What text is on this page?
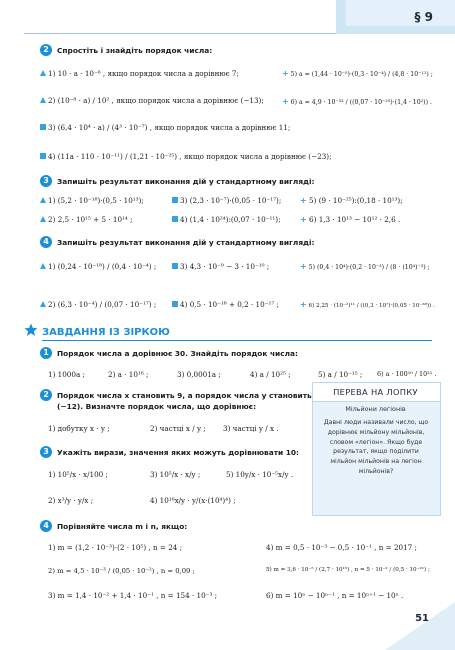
§ 9
2	Спростіть і знайдіть порядок числа:
1) 10 · a · 10⁻⁶ , якщо порядок числа a дорівнює 7;
2) (10⁻⁸ · a) / 10² , якщо порядок числа a дорівнює (−13);
3) (6,4 · 10⁴ · a) / (4³ · 10⁻⁷) , якщо порядок числа a дорівнює 11;
4) (11a · 110 · 10⁻¹¹) / (1,21 · 10⁻²⁵) , якщо порядок числа a дорівнює (−23);
+ 5) a = (1,44 · 10⁻⁵)·(0,3 · 10⁻⁴) / (4,8 · 10⁻¹¹) ;
+ 6) a = 4,9 · 10⁻³³ / ((0,07 · 10⁻²⁵)·(1,4 · 10²)) .
3	Запишіть результат виконання дій у стандартному вигляді:
1) (5,2 · 10⁻¹⁸)·(0,5 · 10¹³);
2) 2,5 · 10¹⁵ + 5 · 10¹⁴ ;
3) (2,3 · 10⁻⁷)·(0,05 · 10⁻¹⁷);
4) (1,4 · 10²⁴):(0,07 · 10⁻¹¹);
+ 5) (9 · 10⁻²⁵):(0,18 · 10¹³);
+ 6) 1,3 · 10¹³ − 10¹² · 2,6 .
4	Запишіть результат виконання дій у стандартному вигляді:
1) (0,24 · 10⁻¹⁸) / (0,4 · 10⁻⁴) ;
2) (6,3 · 10⁻⁴) / (0,07 · 10⁻¹⁷) ;
3) 4,3 · 10⁻⁹ − 3 · 10⁻¹⁰ ;
4) 0,5 · 10⁻¹⁸ + 0,2 · 10⁻¹⁷ ;
+ 5) (0,4 · 10⁴)·(0,2 · 10⁻³) / (8 · (10⁴)⁻³) ;
+ 6) 2,25 · (10⁻²)¹¹ / ((0,3 · 10⁷)·(0,05 · 10⁻³⁸)) .
ЗАВДАННЯ ІЗ ЗІРКОЮ
1	Порядок числа a дорівнює 30. Знайдіть порядок числа:
1) 1000a ;	2) a · 10¹⁶ ;	3) 0,0001a ;	4) a / 10²⁵ ;	5) a / 10⁻¹⁵ ; 6) a · 100¹⁰ / 10²¹ .
2	Порядок числа x становить 9, а порядок числа y становить
(−12). Визначте порядок числа, що дорівнює:
1) добутку x · y ;	2) частці x / y ; 3) частці y / x .
3	Укажіть вирази, значення яких можуть дорівнювати 10:
1) 10⁵/x · x/100 ;
2) x³/y · y/x ;
3) 10⁵/x · x/y ;
4) 10¹⁶x/y · y/(x·(10⁴)⁴) ;
5) 10y/x · 10⁻⁵x/y .
4	Порівняйте числа m і n, якщо:
1) m = (1,2 · 10⁻³)·(2 · 10⁵) , n = 24 ;
2) m = 4,5 · 10⁻³ / (0,05 · 10⁻²) , n = 0,09 ;
3) m = 1,4 · 10⁻² + 1,4 · 10⁻¹ , n = 154 · 10⁻³ ;
4) m = 0,5 · 10⁻³ − 0,5 · 10⁻¹ , n = 2017 ;
5) m = 3,6 · 10⁻⁵ / (2,7 · 10¹⁵) , n = 5 · 10⁻² / (0,5 · 10⁻²¹) ;
6) m = 10ⁿ − 10ⁿ⁻¹ , n = 10ⁿ⁺¹ − 10ⁿ .
ПЕРЕВА НА ЛОПКУ
Мільйони легіонів
Давні люди називали число, що дорівнює мільйону мільйонів, словом «легіон». Якщо буде результат, якщо поділити мільйон мільйонів на легіон мільйонів?
51
